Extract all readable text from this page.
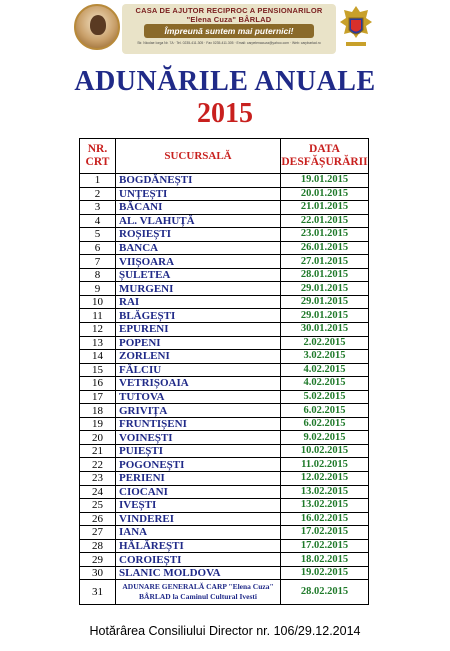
CASA DE AJUTOR RECIPROC A PENSIONARILOR
"Elena Cuza" BÂRLAD
Împreună suntem mai puternici!
Str. Nicolae Iorga Nr. 7A · Tel. 0235-411.305 · Fax 0235-411.305 · Email: carpelenacuza@yahoo.com · Web: carpbarlad.ro
ADUNĂRILE ANUALE
2015
NR. CRT	SUCURSALĂ	DATA DESFĂȘURĂRII
1	BOGDĂNEȘTI	19.01.2015
2	UNȚEȘTI	20.01.2015
3	BĂCANI	21.01.2015
4	AL. VLAHUȚĂ	22.01.2015
5	ROȘIEȘTI	23.01.2015
6	BANCA	26.01.2015
7	VIIȘOARA	27.01.2015
8	ȘULETEA	28.01.2015
9	MURGENI	29.01.2015
10	RAI	29.01.2015
11	BLĂGEȘTI	29.01.2015
12	EPURENI	30.01.2015
13	POPENI	2.02.2015
14	ZORLENI	3.02.2015
15	FĂLCIU	4.02.2015
16	VETRIȘOAIA	4.02.2015
17	TUTOVA	5.02.2015
18	GRIVIȚA	6.02.2015
19	FRUNTIȘENI	6.02.2015
20	VOINEȘTI	9.02.2015
21	PUIEȘTI	10.02.2015
22	POGONEȘTI	11.02.2015
23	PERIENI	12.02.2015
24	CIOCANI	13.02.2015
25	IVEȘTI	13.02.2015
26	VINDEREI	16.02.2015
27	IANA	17.02.2015
28	HĂLĂREȘTI	17.02.2015
29	COROIEȘTI	18.02.2015
30	SLANIC MOLDOVA	19.02.2015
31	ADUNARE GENERALĂ CARP "Elena Cuza" BÂRLAD la Caminul Cultural Ivesti	28.02.2015
Hotărârea Consiliului Director nr. 106/29.12.2014
